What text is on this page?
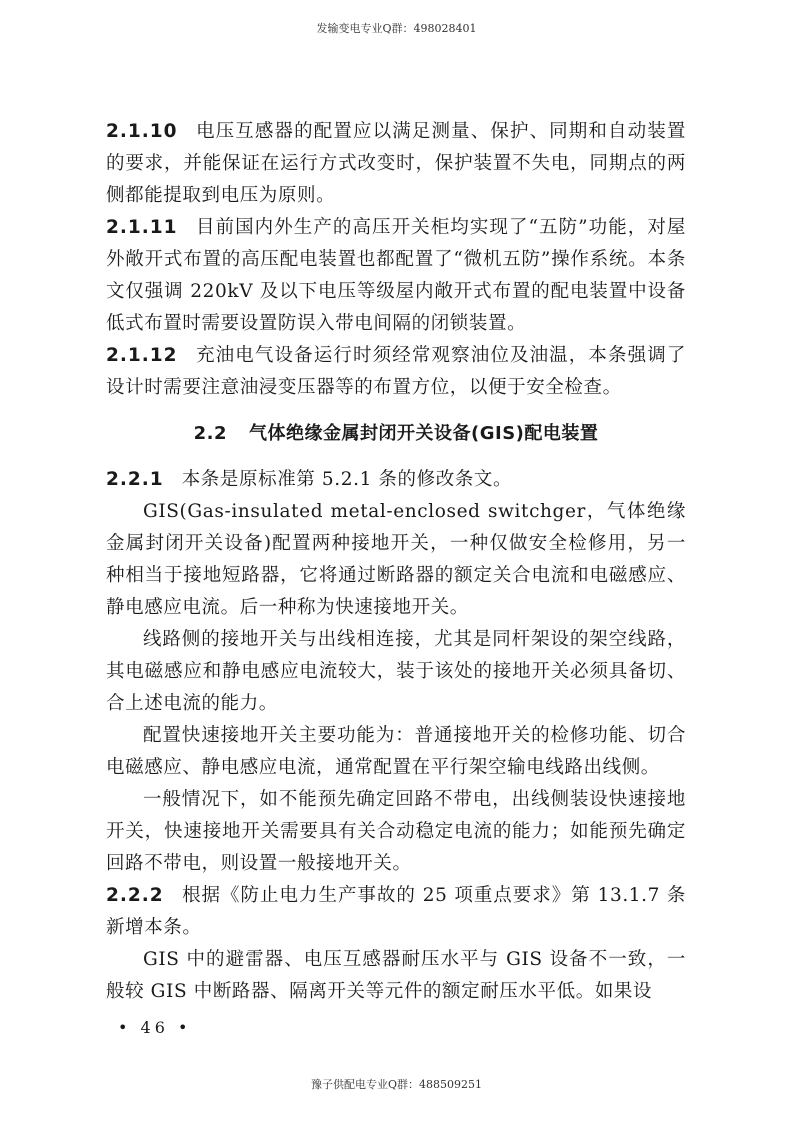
发输变电专业Q群：498028401

2.1.10 电压互感器的配置应以满足测量、保护、同期和自动装置的要求，并能保证在运行方式改变时，保护装置不失电，同期点的两侧都能提取到电压为原则。

2.1.11 目前国内外生产的高压开关柜均实现了“五防”功能，对屋外敞开式布置的高压配电装置也都配置了“微机五防”操作系统。本条文仅强调 220kV 及以下电压等级屋内敞开式布置的配电装置中设备低式布置时需要设置防误入带电间隔的闭锁装置。

2.1.12 充油电气设备运行时须经常观察油位及油温，本条强调了设计时需要注意油浸变压器等的布置方位，以便于安全检查。

2.2 气体绝缘金属封闭开关设备(GIS)配电装置

2.2.1 本条是原标准第 5.2.1 条的修改条文。

GIS(Gas-insulated metal-enclosed switchger，气体绝缘金属封闭开关设备)配置两种接地开关，一种仅做安全检修用，另一种相当于接地短路器，它将通过断路器的额定关合电流和电磁感应、静电感应电流。后一种称为快速接地开关。

线路侧的接地开关与出线相连接，尤其是同杆架设的架空线路，其电磁感应和静电感应电流较大，装于该处的接地开关必须具备切、合上述电流的能力。

配置快速接地开关主要功能为：普通接地开关的检修功能、切合电磁感应、静电感应电流，通常配置在平行架空输电线路出线侧。

一般情况下，如不能预先确定回路不带电，出线侧装设快速接地开关，快速接地开关需要具有关合动稳定电流的能力；如能预先确定回路不带电，则设置一般接地开关。

2.2.2 根据《防止电力生产事故的 25 项重点要求》第 13.1.7 条新增本条。

GIS 中的避雷器、电压互感器耐压水平与 GIS 设备不一致，一般较 GIS 中断路器、隔离开关等元件的额定耐压水平低。如果设

• 46 •
豫子供配电专业Q群：488509251
